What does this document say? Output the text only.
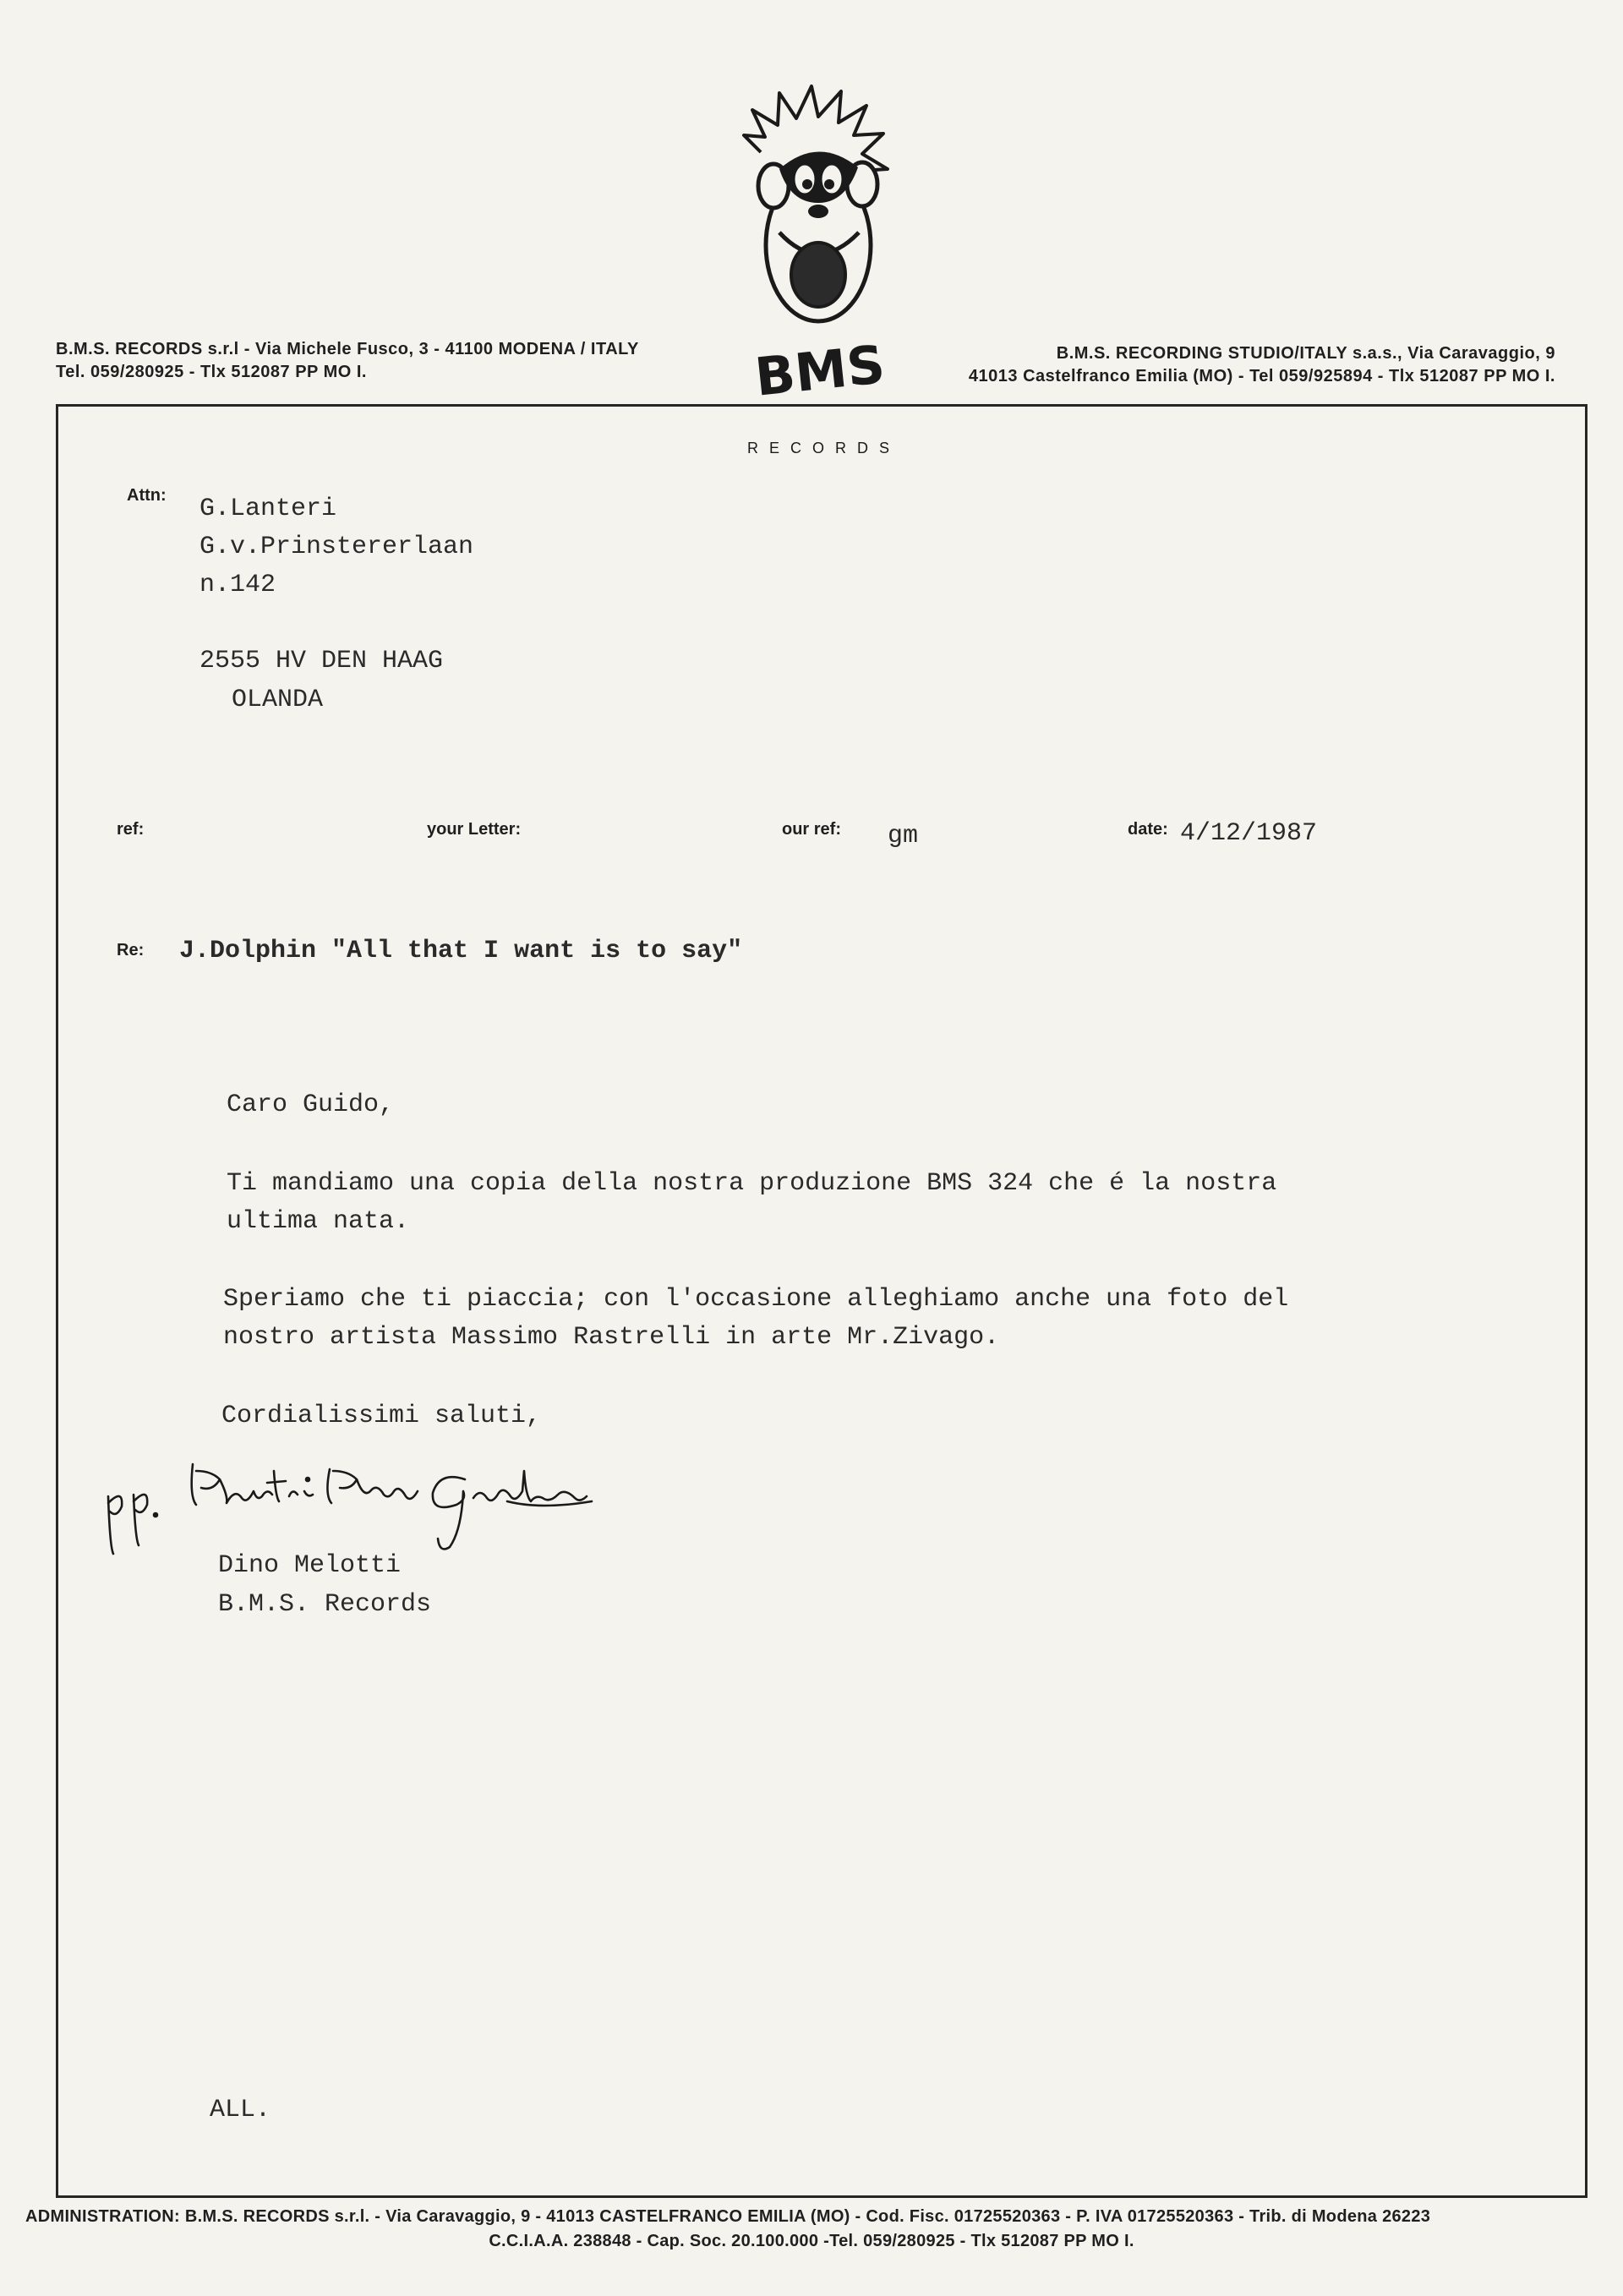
B.M.S. RECORDS s.r.l - Via Michele Fusco, 3 - 41100 MODENA / ITALY
Tel. 059/280925 - Tlx 512087 PP MO I.	BMS
R E C O R D S
B.M.S. RECORDING STUDIO/ITALY s.a.s., Via Caravaggio, 9
41013 Castelfranco Emilia (MO) - Tel 059/925894 - Tlx 512087 PP MO I.
Attn: G.Lanteri
G.v.Prinstererlaan
n.142
2555 HV DEN HAAG
OLANDA
ref:	your Letter:	our ref: gm	date: 4/12/1987
Re: J.Dolphin "All that I want is to say"
Caro Guido,
Ti mandiamo una copia della nostra produzione BMS 324 che é la nostra
ultima nata.
Speriamo che ti piaccia; con l'occasione alleghiamo anche una foto del
nostro artista Massimo Rastrelli in arte Mr.Zivago.
Cordialissimi saluti,
Dino Melotti
B.M.S. Records
ALL.
ADMINISTRATION: B.M.S. RECORDS s.r.l. - Via Caravaggio, 9 - 41013 CASTELFRANCO EMILIA (MO) - Cod. Fisc. 01725520363 - P. IVA 01725520363 - Trib. di Modena 26223
C.C.I.A.A. 238848 - Cap. Soc. 20.100.000 -Tel. 059/280925 - Tlx 512087 PP MO I.
